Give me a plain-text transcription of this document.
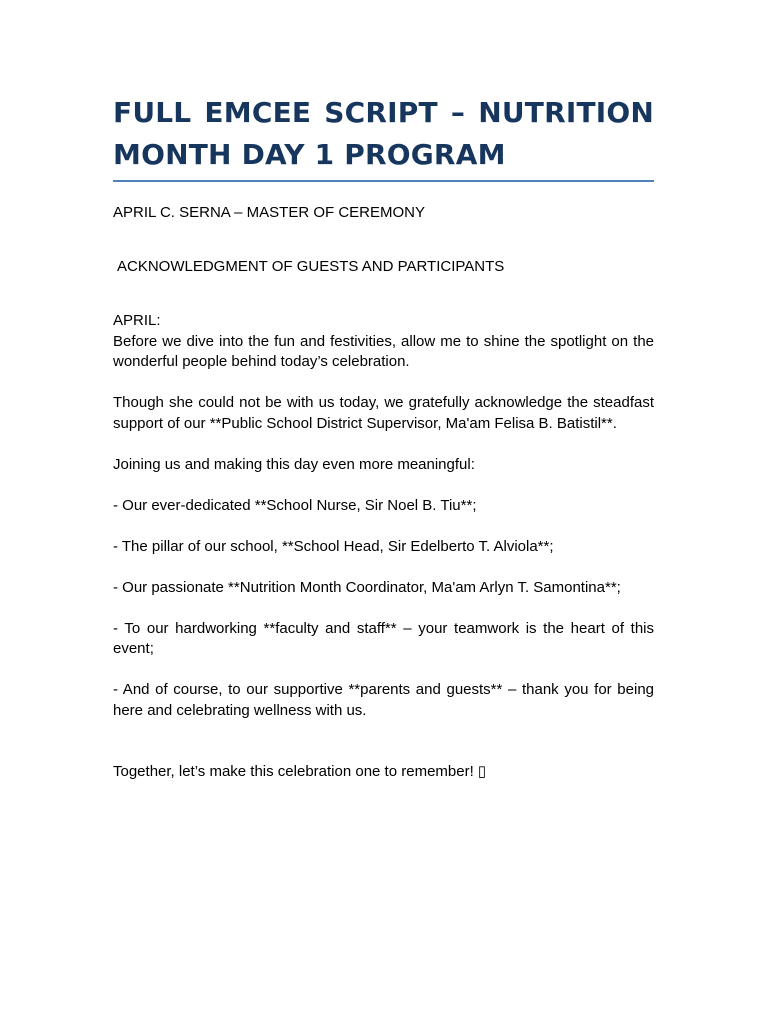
FULL EMCEE SCRIPT – NUTRITION MONTH DAY 1 PROGRAM

APRIL C. SERNA – MASTER OF CEREMONY

ACKNOWLEDGMENT OF GUESTS AND PARTICIPANTS

APRIL:

Before we dive into the fun and festivities, allow me to shine the spotlight on the wonderful people behind today’s celebration.

Though she could not be with us today, we gratefully acknowledge the steadfast support of our **Public School District Supervisor, Ma'am Felisa B. Batistil**.

Joining us and making this day even more meaningful:

- Our ever-dedicated **School Nurse, Sir Noel B. Tiu**;

- The pillar of our school, **School Head, Sir Edelberto T. Alviola**;

- Our passionate **Nutrition Month Coordinator, Ma'am Arlyn T. Samontina**;

- To our hardworking **faculty and staff** – your teamwork is the heart of this event;

- And of course, to our supportive **parents and guests** – thank you for being here and celebrating wellness with us.

Together, let’s make this celebration one to remember! ▯
